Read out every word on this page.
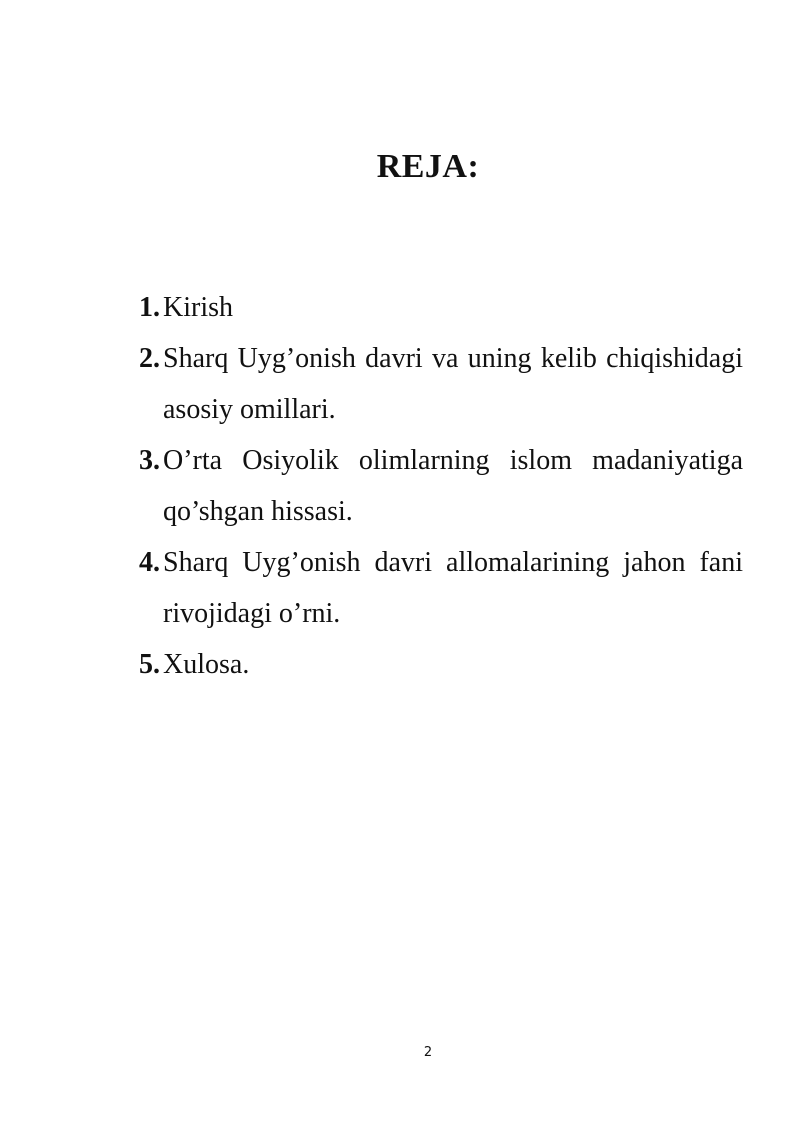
REJA:
1. Kirish
2. Sharq Uyg’onish davri va uning kelib chiqishidagi asosiy omillari.
3. O’rta Osiyolik olimlarning islom madaniyatiga qo’shgan hissasi.
4. Sharq Uyg’onish davri allomalarining jahon fani rivojidagi o’rni.
5. Xulosa.
2
